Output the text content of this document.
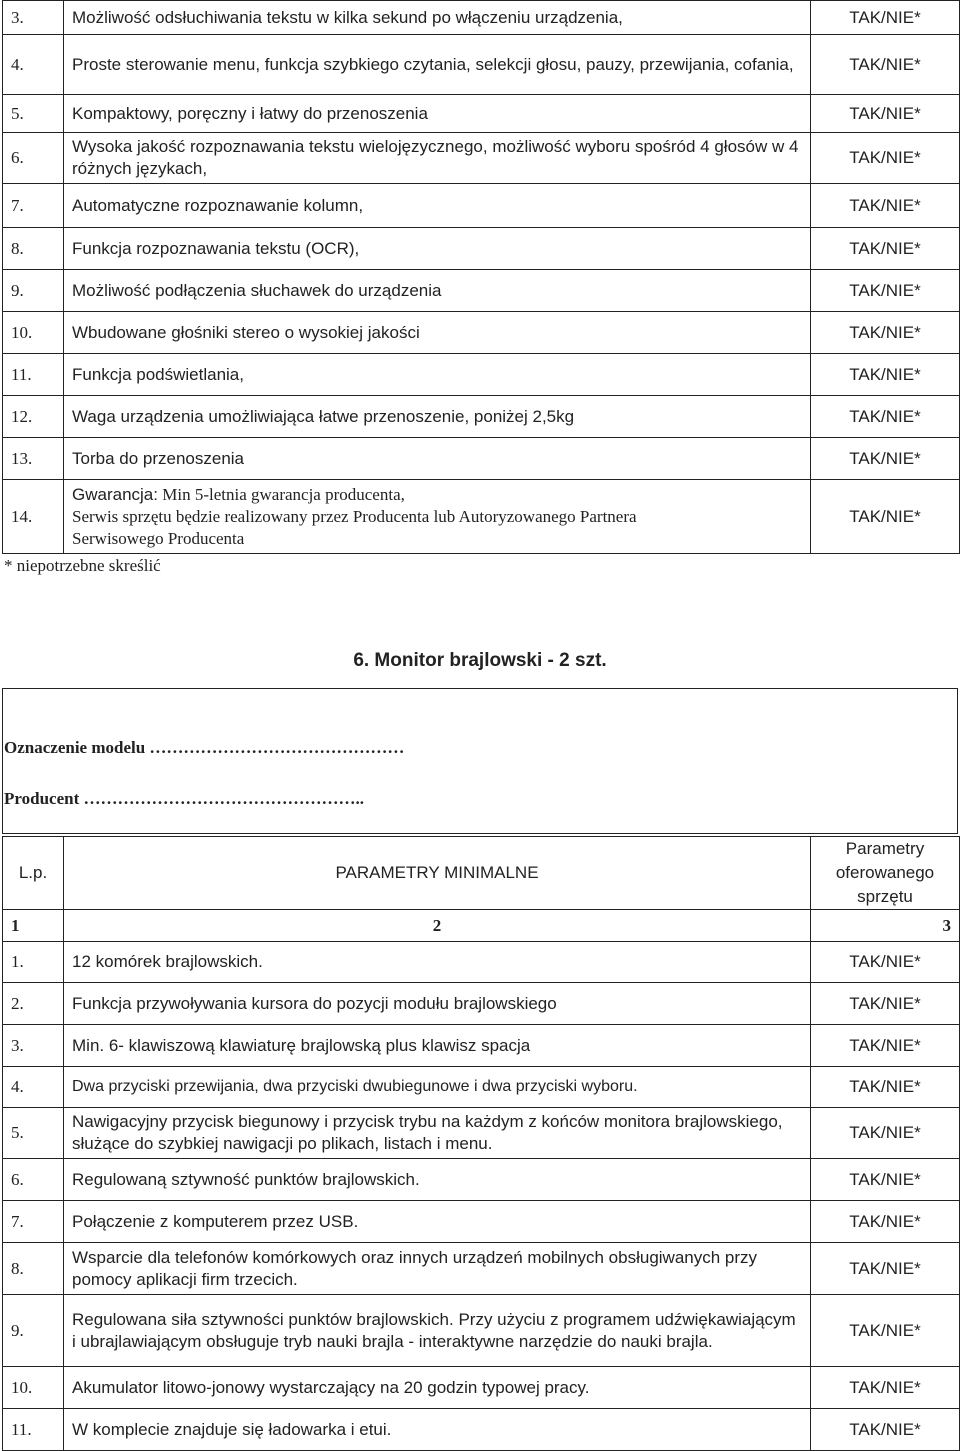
3.	Możliwość odsłuchiwania tekstu w kilka sekund po włączeniu urządzenia,	TAK/NIE*
4.	Proste sterowanie menu, funkcja szybkiego czytania, selekcji głosu, pauzy, przewijania, cofania,	TAK/NIE*
5.	Kompaktowy, poręczny i łatwy do przenoszenia	TAK/NIE*
6.	Wysoka jakość rozpoznawania tekstu wielojęzycznego, możliwość wyboru spośród 4 głosów w 4 różnych językach,	TAK/NIE*
7.	Automatyczne rozpoznawanie kolumn,	TAK/NIE*
8.	Funkcja rozpoznawania tekstu (OCR),	TAK/NIE*
9.	Możliwość podłączenia słuchawek do urządzenia	TAK/NIE*
10.	Wbudowane głośniki stereo o wysokiej jakości	TAK/NIE*
11.	Funkcja podświetlania,	TAK/NIE*
12.	Waga urządzenia umożliwiająca łatwe przenoszenie, poniżej 2,5kg	TAK/NIE*
13.	Torba do przenoszenia	TAK/NIE*
14.	Gwarancja: Min 5-letnia gwarancja producenta,
Serwis sprzętu będzie realizowany przez Producenta lub Autoryzowanego Partnera
Serwisowego Producenta	TAK/NIE*
* niepotrzebne skreślić
6. Monitor brajlowski - 2 szt.
Oznaczenie modelu ………………………………………
Producent …………………………………………..
L.p.	PARAMETRY MINIMALNE	Parametry oferowanego sprzętu
1	2	3
1.	12 komórek brajlowskich.	TAK/NIE*
2.	Funkcja przywoływania kursora do pozycji modułu brajlowskiego	TAK/NIE*
3.	Min. 6- klawiszową klawiaturę brajlowską plus klawisz spacja	TAK/NIE*
4.	Dwa przyciski przewijania, dwa przyciski dwubiegunowe i dwa przyciski wyboru.	TAK/NIE*
5.	Nawigacyjny przycisk biegunowy i przycisk trybu na każdym z końców monitora brajlowskiego, służące do szybkiej nawigacji po plikach, listach i menu.	TAK/NIE*
6.	Regulowaną sztywność punktów brajlowskich.	TAK/NIE*
7.	Połączenie z komputerem przez USB.	TAK/NIE*
8.	Wsparcie dla telefonów komórkowych oraz innych urządzeń mobilnych obsługiwanych przy pomocy aplikacji firm trzecich.	TAK/NIE*
9.	Regulowana siła sztywności punktów brajlowskich. Przy użyciu z programem udźwiękawiającym i ubrajlawiającym obsługuje tryb nauki brajla - interaktywne narzędzie do nauki brajla.	TAK/NIE*
10.	Akumulator litowo-jonowy wystarczający na 20 godzin typowej pracy.	TAK/NIE*
11.	W komplecie znajduje się ładowarka i etui.	TAK/NIE*
